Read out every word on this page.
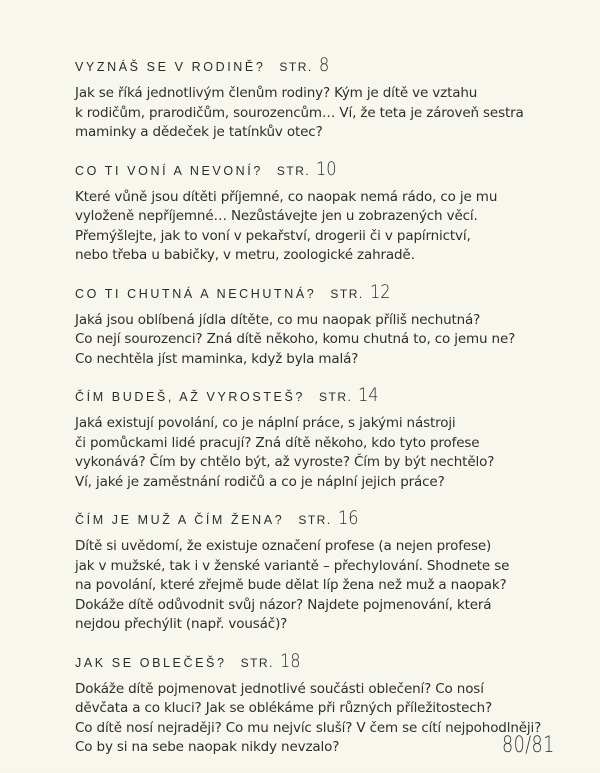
VYZNÁŠ SE V RODINĚ? STR. 8
Jak se říká jednotlivým členům rodiny? Kým je dítě ve vztahu
k rodičům, prarodičům, sourozencům… Ví, že teta je zároveň sestra
maminky a dědeček je tatínkův otec?
CO TI VONÍ A NEVONÍ? STR. 10
Které vůně jsou dítěti příjemné, co naopak nemá rádo, co je mu
vyloženě nepříjemné… Nezůstávejte jen u zobrazených věcí.
Přemýšlejte, jak to voní v pekařství, drogerii či v papírnictví,
nebo třeba u babičky, v metru, zoologické zahradě.
CO TI CHUTNÁ A NECHUTNÁ? STR. 12
Jaká jsou oblíbená jídla dítěte, co mu naopak příliš nechutná?
Co nejí sourozenci? Zná dítě někoho, komu chutná to, co jemu ne?
Co nechtěla jíst maminka, když byla malá?
ČÍM BUDEŠ, AŽ VYROSTEŠ? STR. 14
Jaká existují povolání, co je náplní práce, s jakými nástroji
či pomůckami lidé pracují? Zná dítě někoho, kdo tyto profese
vykonává? Čím by chtělo být, až vyroste? Čím by být nechtělo?
Ví, jaké je zaměstnání rodičů a co je náplní jejich práce?
ČÍM JE MUŽ A ČÍM ŽENA? STR. 16
Dítě si uvědomí, že existuje označení profese (a nejen profese)
jak v mužské, tak i v ženské variantě – přechylování. Shodnete se
na povolání, které zřejmě bude dělat líp žena než muž a naopak?
Dokáže dítě odůvodnit svůj názor? Najdete pojmenování, která
nejdou přechýlit (např. vousáč)?
JAK SE OBLEČEŠ? STR. 18
Dokáže dítě pojmenovat jednotlivé součásti oblečení? Co nosí
děvčata a co kluci? Jak se oblékáme při různých příležitostech?
Co dítě nosí nejraději? Co mu nejvíc sluší? V čem se cítí nejpohodlněji?
Co by si na sebe naopak nikdy nevzalo?	80/81
